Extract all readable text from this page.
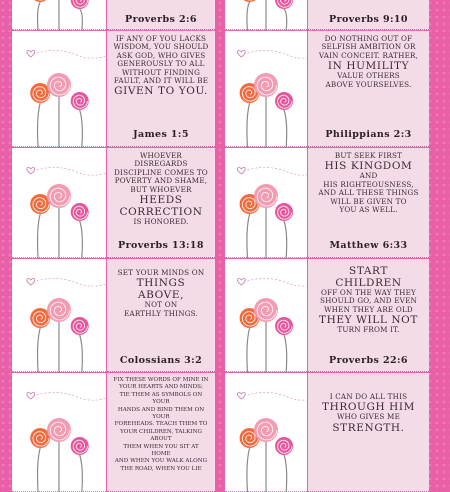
Proverbs 2:6	Proverbs 9:10
IF ANY OF YOU LACKS
WISDOM, YOU SHOULD
ASK GOD, WHO GIVES
GENEROUSLY TO ALL
WITHOUT FINDING
FAULT, AND IT WILL BE
GIVEN TO YOU.
James 1:5
DO NOTHING OUT OF
SELFISH AMBITION OR
VAIN CONCEIT. RATHER,
IN HUMILITY
VALUE OTHERS
ABOVE YOURSELVES.
Philippians 2:3
WHOEVER DISREGARDS
DISCIPLINE COMES TO
POVERTY AND SHAME,
BUT WHOEVER
HEEDS
CORRECTION
IS HONORED.
Proverbs 13:18
BUT SEEK FIRST
HIS KINGDOM
AND
HIS RIGHTEOUSNESS,
AND ALL THESE THINGS
WILL BE GIVEN TO
YOU AS WELL.
Matthew 6:33
SET YOUR MINDS ON
THINGS ABOVE,
NOT ON
EARTHLY THINGS.
Colossians 3:2
START CHILDREN
OFF ON THE WAY THEY
SHOULD GO, AND EVEN
WHEN THEY ARE OLD
THEY WILL NOT
TURN FROM IT.
Proverbs 22:6
FIX THESE WORDS OF MINE IN
YOUR HEARTS AND MINDS;
TIE THEM AS SYMBOLS ON YOUR
HANDS AND BIND THEM ON YOUR
FOREHEADS. TEACH THEM TO
YOUR CHILDREN, TALKING ABOUT
THEM WHEN YOU SIT AT HOME
AND WHEN YOU WALK ALONG
THE ROAD, WHEN YOU LIE
I CAN DO ALL THIS
THROUGH HIM
WHO GIVES ME
STRENGTH.
